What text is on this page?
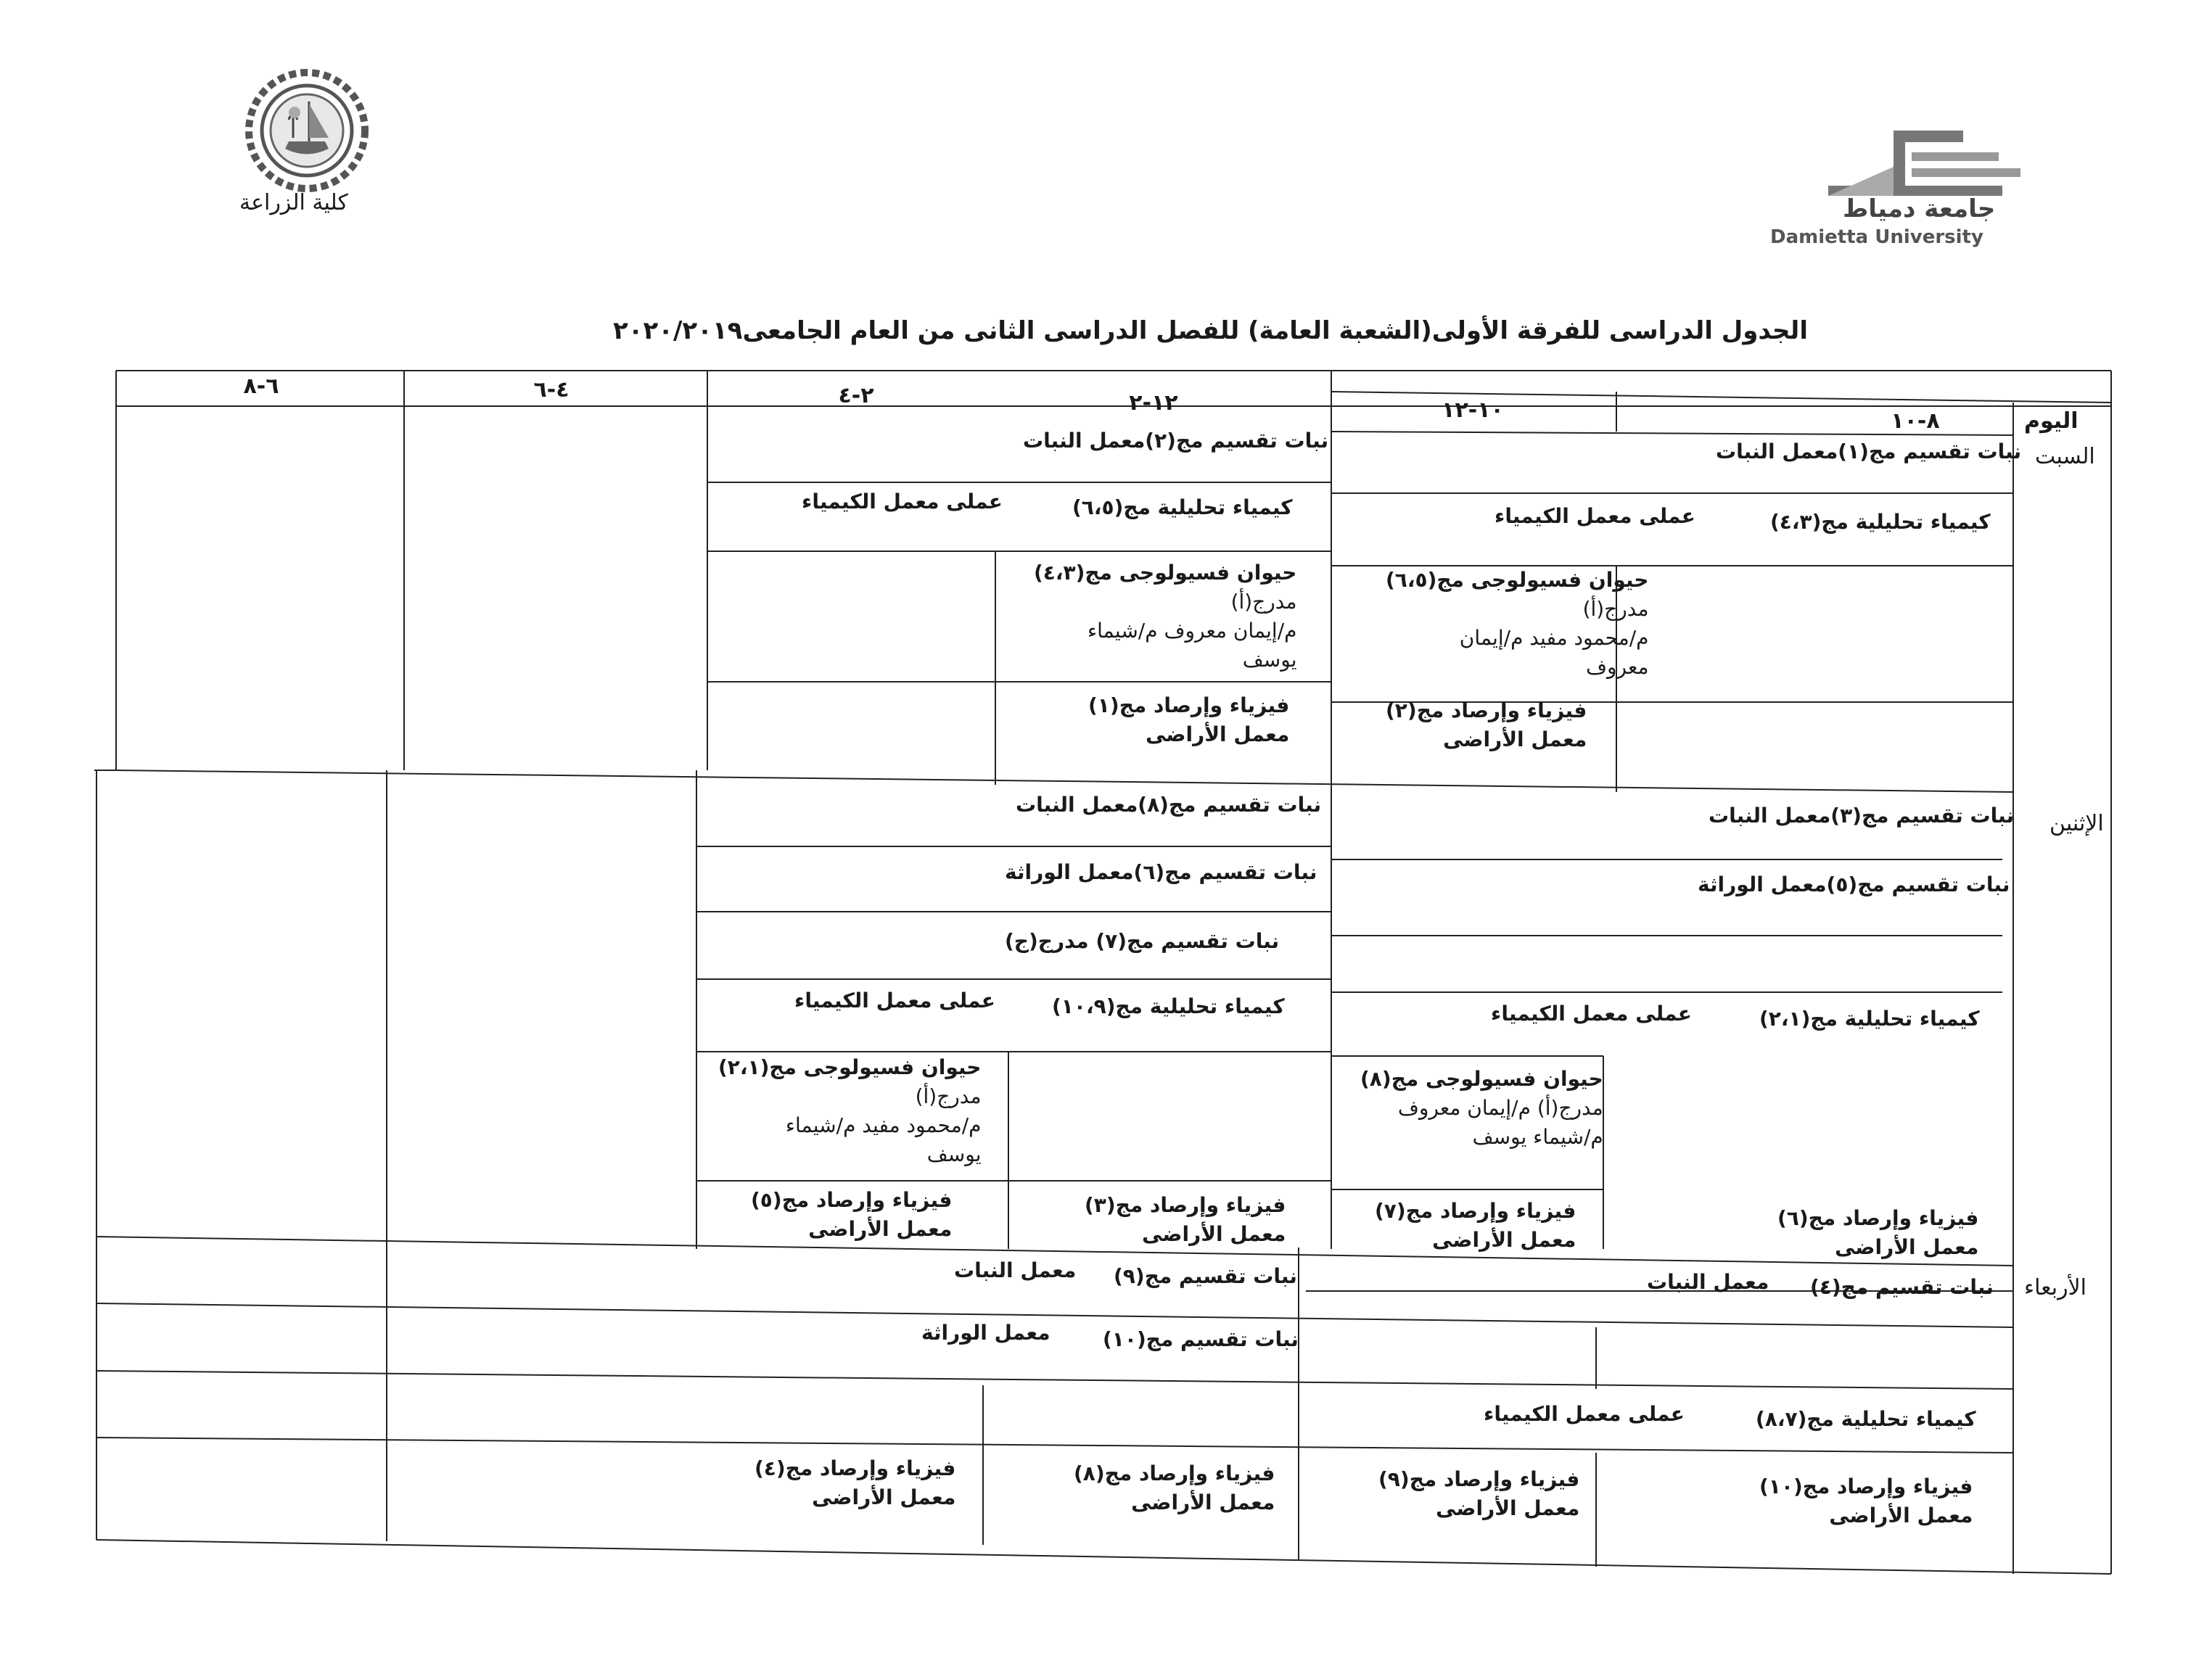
كلية الزراعة	جامعة دمياط
Damietta University
الجدول الدراسى للفرقة الأولى(الشعبة العامة) للفصل الدراسى الثانى من العام الجامعى٢٠٢٠/٢٠١٩
٨-١٠
١٠-١٢
١٢-٢
٢-٤
٤-٦
٦-٨
اليوم
السبت
الإثنين
الأربعاء
نبات تقسيم مج(١)معمل النبات
نبات تقسيم مج(٢)معمل النبات
كيمياء تحليلية مج(٤،٣)
عملى معمل الكيمياء
كيمياء تحليلية مج(٦،٥)
عملى معمل الكيمياء
حيوان فسيولوجى مج(٦،٥)
مدرج(أ)
م/محمود مفيد م/إيمان
معروف
حيوان فسيولوجى مج(٤،٣)
مدرج(أ)
م/إيمان معروف م/شيماء
يوسف
فيزياء وإرصاد مج(٢)
معمل الأراضى
فيزياء وإرصاد مج(١)
معمل الأراضى
نبات تقسيم مج(٣)معمل النبات
نبات تقسيم مج(٨)معمل النبات
نبات تقسيم مج(٥)معمل الوراثة
نبات تقسيم مج(٦)معمل الوراثة
نبات تقسيم مج(٧) مدرج(ج)
كيمياء تحليلية مج(٢،١)
عملى معمل الكيمياء
كيمياء تحليلية مج(١٠،٩)
عملى معمل الكيمياء
حيوان فسيولوجى مج(٨)
مدرج(أ) م/إيمان معروف
م/شيماء يوسف
حيوان فسيولوجى مج(٢،١)
مدرج(أ)
م/محمود مفيد م/شيماء
يوسف
فيزياء وإرصاد مج(٦)
معمل الأراضى
فيزياء وإرصاد مج(٧)
معمل الأراضى
فيزياء وإرصاد مج(٣)
معمل الأراضى
فيزياء وإرصاد مج(٥)
معمل الأراضى
نبات تقسيم مج(٤)
معمل النبات
نبات تقسيم مج(٩)
معمل النبات
نبات تقسيم مج(١٠)
معمل الوراثة
كيمياء تحليلية مج(٨،٧)
عملى معمل الكيمياء
فيزياء وإرصاد مج(١٠)
معمل الأراضى
فيزياء وإرصاد مج(٩)
معمل الأراضى
فيزياء وإرصاد مج(٨)
معمل الأراضى
فيزياء وإرصاد مج(٤)
معمل الأراضى
